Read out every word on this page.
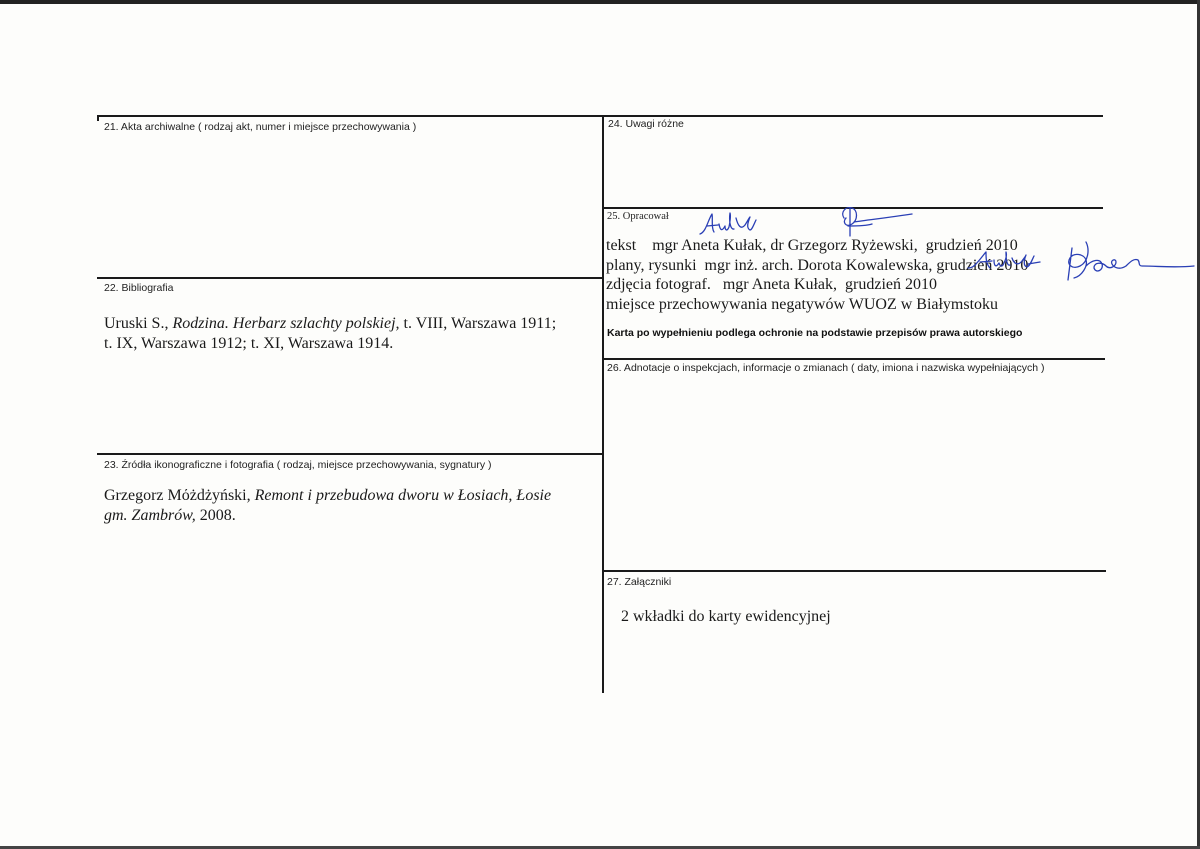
21. Akta archiwalne ( rodzaj akt, numer i miejsce przechowywania )
22. Bibliografia
Uruski S., Rodzina. Herbarz szlachty polskiej, t. VIII, Warszawa 1911;
t. IX, Warszawa 1912; t. XI, Warszawa 1914.
23. Źródła ikonograficzne i fotografia ( rodzaj, miejsce przechowywania, sygnatury )
Grzegorz Mόżdżyński, Remont i przebudowa dworu w Łosiach, Łosie
gm. Zambrów, 2008.
24. Uwagi różne
25. Opracował
tekst    mgr Aneta Kułak, dr Grzegorz Ryżewski,  grudzień 2010
plany, rysunki  mgr inż. arch. Dorota Kowalewska, grudzień 2010
zdjęcia fotograf.   mgr Aneta Kułak,  grudzień 2010
miejsce przechowywania negatywów WUOZ w Białymstoku
Karta po wypełnieniu podlega ochronie na podstawie przepisów prawa autorskiego
26. Adnotacje o inspekcjach, informacje o zmianach ( daty, imiona i nazwiska wypełniających )
27. Załączniki
2 wkładki do karty ewidencyjnej
